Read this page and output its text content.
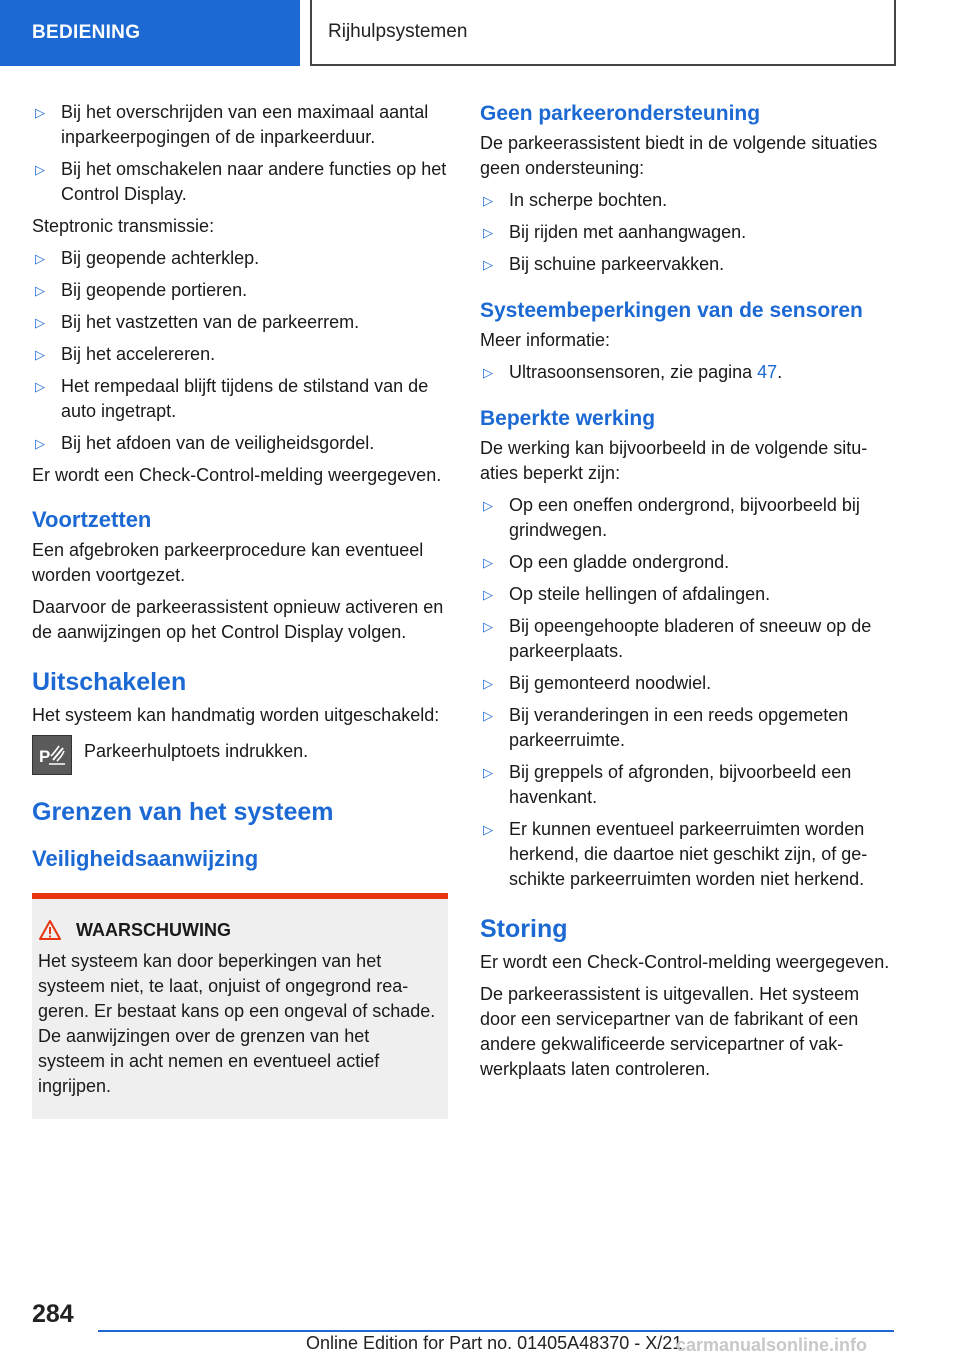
BEDIENING	Rijhulpsystemen
▷ Bij het overschrijden van een maximaal aantal inparkeerpogingen of de inparkeerduur.
▷ Bij het omschakelen naar andere functies op het Control Display.

Steptronic transmissie:

▷ Bij geopende achterklep.
▷ Bij geopende portieren.
▷ Bij het vastzetten van de parkeerrem.
▷ Bij het accelereren.
▷ Het rempedaal blijft tijdens de stilstand van de auto ingetrapt.
▷ Bij het afdoen van de veiligheidsgordel.

Er wordt een Check-Control-melding weergegeven.

Voortzetten

Een afgebroken parkeerprocedure kan eventueel worden voortgezet.

Daarvoor de parkeerassistent opnieuw activeren en de aanwijzingen op het Control Display volgen.

Uitschakelen

Het systeem kan handmatig worden uitgeschakeld:

P Parkeerhulptoets indrukken.

Grenzen van het systeem
Veiligheidsaanwijzing
WAARSCHUWING

Het systeem kan door beperkingen van het systeem niet, te laat, onjuist of ongegrond reageren. Er bestaat kans op een ongeval of schade. De aanwijzingen over de grenzen van het systeem in acht nemen en eventueel actief ingrijpen.

Geen parkeerondersteuning

De parkeerassistent biedt in de volgende situaties geen ondersteuning:

▷ In scherpe bochten.
▷ Bij rijden met aanhangwagen.
▷ Bij schuine parkeervakken.
Systeembeperkingen van de sensoren

Meer informatie:

▷ Ultrasoonsensoren, zie pagina 47.
Beperkte werking

De werking kan bijvoorbeeld in de volgende situaties beperkt zijn:

▷ Op een oneffen ondergrond, bijvoorbeeld bij grindwegen.
▷ Op een gladde ondergrond.
▷ Op steile hellingen of afdalingen.
▷ Bij opeengehoopte bladeren of sneeuw op de parkeerplaats.
▷ Bij gemonteerd noodwiel.
▷ Bij veranderingen in een reeds opgemeten parkeerruimte.
▷ Bij greppels of afgronden, bijvoorbeeld een havenkant.
▷ Er kunnen eventueel parkeerruimten worden herkend, die daartoe niet geschikt zijn, of geschikte parkeerruimten worden niet herkend.
Storing

Er wordt een Check-Control-melding weergegeven.

De parkeerassistent is uitgevallen. Het systeem door een servicepartner van de fabrikant of een andere gekwalificeerde servicepartner of vakwerkplaats laten controleren.

284
Online Edition for Part no. 01405A48370 - X/21
carmanualsonline.info
